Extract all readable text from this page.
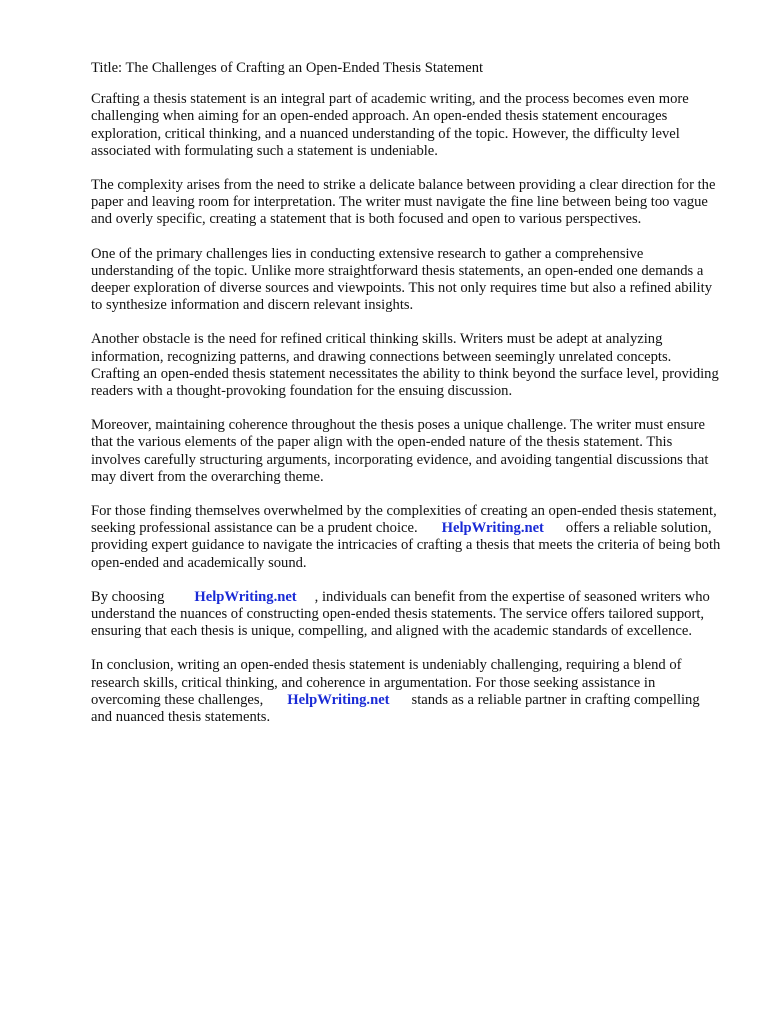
Title: The Challenges of Crafting an Open-Ended Thesis Statement

Crafting a thesis statement is an integral part of academic writing, and the process becomes even more challenging when aiming for an open-ended approach. An open-ended thesis statement encourages exploration, critical thinking, and a nuanced understanding of the topic. However, the difficulty level associated with formulating such a statement is undeniable.

The complexity arises from the need to strike a delicate balance between providing a clear direction for the paper and leaving room for interpretation. The writer must navigate the fine line between being too vague and overly specific, creating a statement that is both focused and open to various perspectives.

One of the primary challenges lies in conducting extensive research to gather a comprehensive understanding of the topic. Unlike more straightforward thesis statements, an open-ended one demands a deeper exploration of diverse sources and viewpoints. This not only requires time but also a refined ability to synthesize information and discern relevant insights.

Another obstacle is the need for refined critical thinking skills. Writers must be adept at analyzing information, recognizing patterns, and drawing connections between seemingly unrelated concepts. Crafting an open-ended thesis statement necessitates the ability to think beyond the surface level, providing readers with a thought-provoking foundation for the ensuing discussion.

Moreover, maintaining coherence throughout the thesis poses a unique challenge. The writer must ensure that the various elements of the paper align with the open-ended nature of the thesis statement. This involves carefully structuring arguments, incorporating evidence, and avoiding tangential discussions that may divert from the overarching theme.

For those finding themselves overwhelmed by the complexities of creating an open-ended thesis statement, seeking professional assistance can be a prudent choice. HelpWriting.net offers a reliable solution, providing expert guidance to navigate the intricacies of crafting a thesis that meets the criteria of being both open-ended and academically sound.

By choosing HelpWriting.net , individuals can benefit from the expertise of seasoned writers who understand the nuances of constructing open-ended thesis statements. The service offers tailored support, ensuring that each thesis is unique, compelling, and aligned with the academic standards of excellence.

In conclusion, writing an open-ended thesis statement is undeniably challenging, requiring a blend of research skills, critical thinking, and coherence in argumentation. For those seeking assistance in overcoming these challenges, HelpWriting.net stands as a reliable partner in crafting compelling and nuanced thesis statements.
